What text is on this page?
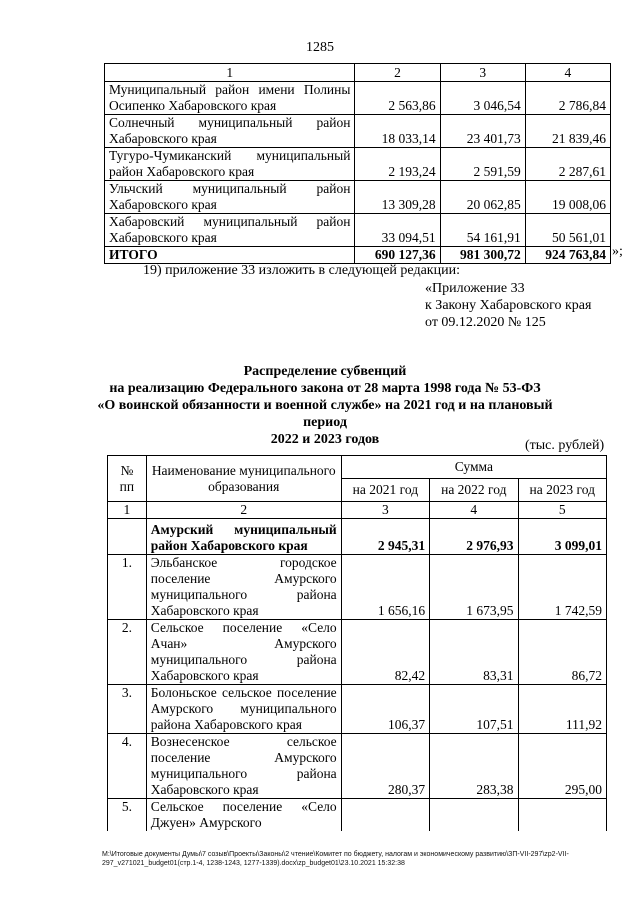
1285
1	2	3	4
Муниципальный район имени Полины Осипенко Хабаровского края	2 563,86	3 046,54	2 786,84
Солнечный муниципальный район Хабаровского края	18 033,14	23 401,73	21 839,46
Тугуро-Чумиканский муниципальный район Хабаровского края	2 193,24	2 591,59	2 287,61
Ульчский муниципальный район Хабаровского края	13 309,28	20 062,85	19 008,06
Хабаровский муниципальный район Хабаровского края	33 094,51	54 161,91	50 561,01
ИТОГО	690 127,36	981 300,72	924 763,84 »;
19) приложение 33 изложить в следующей редакции:
«Приложение 33
к Закону Хабаровского края
от 09.12.2020 № 125
Распределение субвенций
на реализацию Федерального закона от 28 марта 1998 года № 53-ФЗ
«О воинской обязанности и военной службе» на 2021 год и на плановый период
2022 и 2023 годов	(тыс. рублей)
№ пп	Наименование муниципального образования	Сумма		
		на 2021 год	на 2022 год	на 2023 год
1	2	3	4	5
	Амурский муниципальный район Хабаровского края	2 945,31	2 976,93	3 099,01
1.	Эльбанское городское поселение Амурского муниципального района Хабаровского края	1 656,16	1 673,95	1 742,59
2.	Сельское поселение «Село Ачан» Амурского муниципального района Хабаровского края	82,42	83,31	86,72
3.	Болоньское сельское поселение Амурского муниципального района Хабаровского края	106,37	107,51	111,92
4.	Вознесенское сельское поселение Амурского муниципального района Хабаровского края	280,37	283,38	295,00
5.	Сельское поселение «Село Джуен» Амурского			
M:\Итоговые документы Думы\7 созыв\Проекты\Законы\2 чтение\Комитет по бюджету, налогам и экономическому развитию\ЗП-VII-297\zp2-VII-297_v271021_budget01(стр.1-4, 1238-1243, 1277-1339).docx\zp_budget01\23.10.2021 15:32:38
